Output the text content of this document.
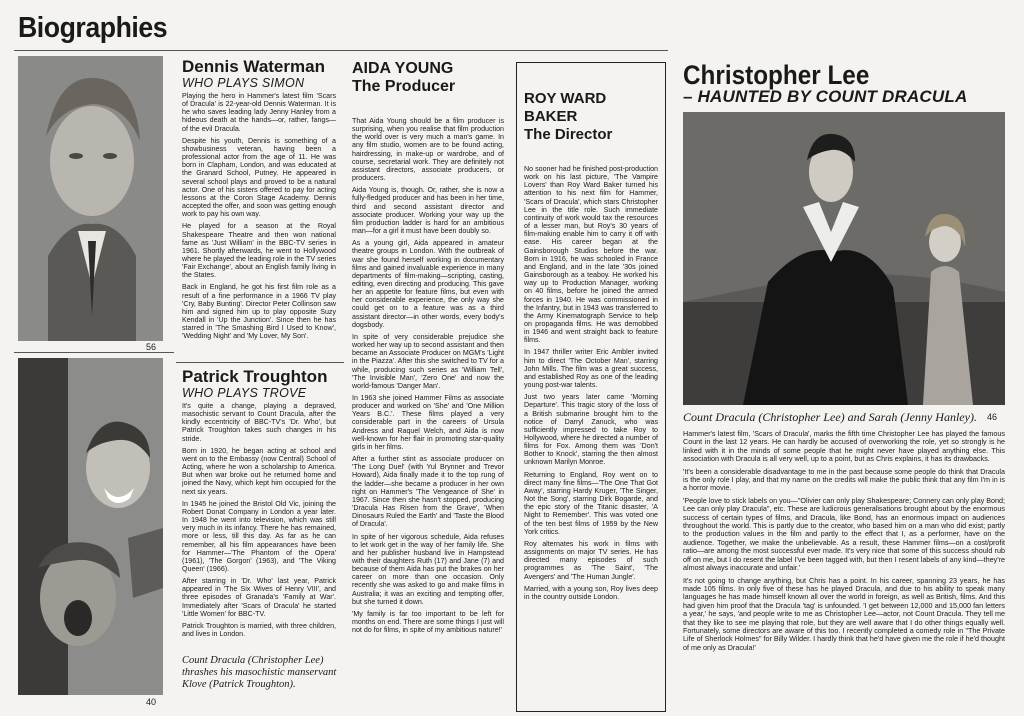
Biographies
56
40
Dennis Waterman
WHO PLAYS SIMON

Playing the hero in Hammer's latest film 'Scars of Dracula' is 22-year-old Dennis Waterman. It is he who saves leading lady Jenny Hanley from a hideous death at the hands—or, rather, fangs—of the evil Dracula.

Despite his youth, Dennis is something of a showbusiness veteran, having been a professional actor from the age of 11. He was born in Clapham, London, and was educated at the Granard School, Putney. He appeared in several school plays and proved to be a natural actor. One of his sisters offered to pay for acting lessons at the Coron Stage Academy. Dennis accepted the offer, and soon was getting enough work to pay his own way.

He played for a season at the Royal Shakespeare Theatre and then won national fame as 'Just William' in the BBC-TV series in 1961. Shortly afterwards, he went to Hollywood where he played the leading role in the TV series 'Fair Exchange', about an English family living in the States.

Back in England, he got his first film role as a result of a fine performance in a 1966 TV play 'Cry, Baby Bunting'. Director Peter Collinson saw him and signed him up to play opposite Suzy Kendall in 'Up the Junction'. Since then he has starred in 'The Smashing Bird I Used to Know', 'Wedding Night' and 'My Lover, My Son'.

Patrick Troughton
WHO PLAYS TROVE

It's quite a change, playing a depraved, masochistic servant to Count Dracula, after the kindly eccentricity of BBC-TV's 'Dr. Who', but Patrick Troughton takes such changes in his stride.

Born in 1920, he began acting at school and went on to the Embassy (now Central) School of Acting, where he won a scholarship to America. But when war broke out he returned home and joined the Navy, which kept him occupied for the next six years.

In 1945 he joined the Bristol Old Vic, joining the Robert Donat Company in London a year later. In 1948 he went into television, which was still very much in its infancy. There he has remained, more or less, till this day. As far as he can remember, all his film appearances have been for Hammer—'The Phantom of the Opera' (1961), 'The Gorgon' (1963), and 'The Viking Queen' (1966).

After starring in 'Dr. Who' last year, Patrick appeared in 'The Six Wives of Henry VIII', and three episodes of Granada's 'Family at War'. Immediately after 'Scars of Dracula' he started 'Little Women' for BBC-TV.

Patrick Troughton is married, with three children, and lives in London.

Count Dracula (Christopher Lee) thrashes his masochistic manservant Klove (Patrick Troughton).
AIDA YOUNG
The Producer

That Aida Young should be a film producer is surprising, when you realise that film production the world over is very much a man's game. In any film studio, women are to be found acting, hairdressing, in make-up or wardrobe, and of course, secretarial work. They are definitely not assistant directors, associate producers, or producers.

Aida Young is, though. Or, rather, she is now a fully-fledged producer and has been in her time, third and second assistant director and associate producer. Working your way up the film production ladder is hard for an ambitious man—for a girl it must have been doubly so.

As a young girl, Aida appeared in amateur theatre groups in London. With the outbreak of war she found herself working in documentary films and gained invaluable experience in many departments of film-making—scripting, casting, editing, even directing and producing. This gave her an appetite for feature films, but even with her considerable experience, the only way she could get on to a feature was as a third assistant director—in other words, every body's dogsbody.

In spite of very considerable prejudice she worked her way up to second assistant and then became an Associate Producer on MGM's 'Light in the Piazza'. After this she switched to TV for a while, producing such series as 'William Tell', 'The Invisible Man', 'Zero One' and now the world-famous 'Danger Man'.

In 1963 she joined Hammer Films as associate producer and worked on 'She' and 'One Million Years B.C.'. These films played a very considerable part in the careers of Ursula Andress and Raquel Welch, and Aida is now well-known for her flair in promoting star-quality girls in her films.

After a further stint as associate producer on 'The Long Duel' (with Yul Brynner and Trevor Howard), Aida finally made it to the top rung of the ladder—she became a producer in her own right on Hammer's 'The Vengeance of She' in 1967. Since then she hasn't stopped, producing 'Dracula Has Risen from the Grave', 'When Dinosaurs Ruled the Earth' and 'Taste the Blood of Dracula'.

In spite of her vigorous schedule, Aida refuses to let work get in the way of her family life. She and her publisher husband live in Hampstead with their daughters Ruth (17) and Jane (7) and because of them Aida has put the brakes on her career on more than one occasion. Only recently she was asked to go and make films in Australia; it was an exciting and tempting offer, but she turned it down.

'My family is far too important to be left for months on end. There are some things I just will not do for films, in spite of my ambitious nature!'

ROY WARD
BAKER
The Director

No sooner had he finished post-production work on his last picture, 'The Vampire Lovers' than Roy Ward Baker turned his attention to his next film for Hammer, 'Scars of Dracula', which stars Christopher Lee in the title role. Such immediate continuity of work would tax the resources of a lesser man, but Roy's 30 years of film-making enable him to carry it off with ease. His career began at the Gainsborough Studios before the war. Born in 1916, he was schooled in France and England, and in the late '30s joined Gainsborough as a teaboy. He worked his way up to Production Manager, working on 40 films, before he joined the armed forces in 1940. He was commissioned in the Infantry, but in 1943 was transferred to the Army Kinematograph Service to help on propaganda films. He was demobbed in 1946 and went straight back to feature films.

In 1947 thriller writer Eric Ambler invited him to direct 'The October Man', starring John Mills. The film was a great success, and established Roy as one of the leading young post-war talents.

Just two years later came 'Morning Departure'. This tragic story of the loss of a British submarine brought him to the notice of Darryl Zanuck, who was sufficiently impressed to take Roy to Hollywood, where he directed a number of films for Fox. Among them was 'Don't Bother to Knock', starring the then almost unknown Marilyn Monroe.

Returning to England, Roy went on to direct many fine films—'The One That Got Away', starring Hardy Kruger, 'The Singer, Not the Song', starring Dirk Bogarde, and the epic story of the Titanic disaster, 'A Night to Remember'. This was voted one of the ten best films of 1959 by the New York critics.

Roy alternates his work in films with assignments on major TV series. He has directed many episodes of such programmes as 'The Saint', 'The Avengers' and 'The Human Jungle'.

Married, with a young son, Roy lives deep in the country outside London.

Christopher Lee
– HAUNTED BY COUNT DRACULA
Count Dracula (Christopher Lee) and Sarah (Jenny Hanley). 46

Hammer's latest film, 'Scars of Dracula', marks the fifth time Christopher Lee has played the famous Count in the last 12 years. He can hardly be accused of overworking the role, yet so strongly is he linked with it in the minds of some people that he might never have played anything else. This association with Dracula is all very well, up to a point, but as Chris explains, it has its drawbacks.

'It's been a considerable disadvantage to me in the past because some people do think that Dracula is the only role I play, and that my name on the credits will make the public think that any film I'm in is a horror movie.

'People love to stick labels on you—"Olivier can only play Shakespeare; Connery can only play Bond; Lee can only play Dracula", etc. These are ludicrous generalisations brought about by the enormous success of certain types of films, and Dracula, like Bond, has an enormous impact on audiences throughout the world. This is partly due to the creator, who based him on a man who did exist; partly to the production values in the film and partly to the effect that I, as a performer, have on the audience. Together, we make the unbelievable. As a result, these Hammer films—on a cost/profit ratio—are among the most successful ever made. It's very nice that some of this success should rub off on me, but I do resent the label I've been tagged with, but then I resent labels of any kind—they're almost always inaccurate and unfair.'

It's not going to change anything, but Chris has a point. In his career, spanning 23 years, he has made 105 films. In only five of these has he played Dracula, and due to his ability to speak many languages he has made himself known all over the world in foreign, as well as British, films. And this had given him proof that the Dracula 'tag' is unfounded. 'I get between 12,000 and 15,000 fan letters a year,' he says, 'and people write to me as Christopher Lee—actor, not Count Dracula. They tell me that they like to see me playing that role, but they are well aware that I do other things equally well. Fortunately, some directors are aware of this too. I recently completed a comedy role in "The Private Life of Sherlock Holmes" for Billy Wilder. I hardly think that he'd have given me the role if he'd thought of me only as Dracula!'
